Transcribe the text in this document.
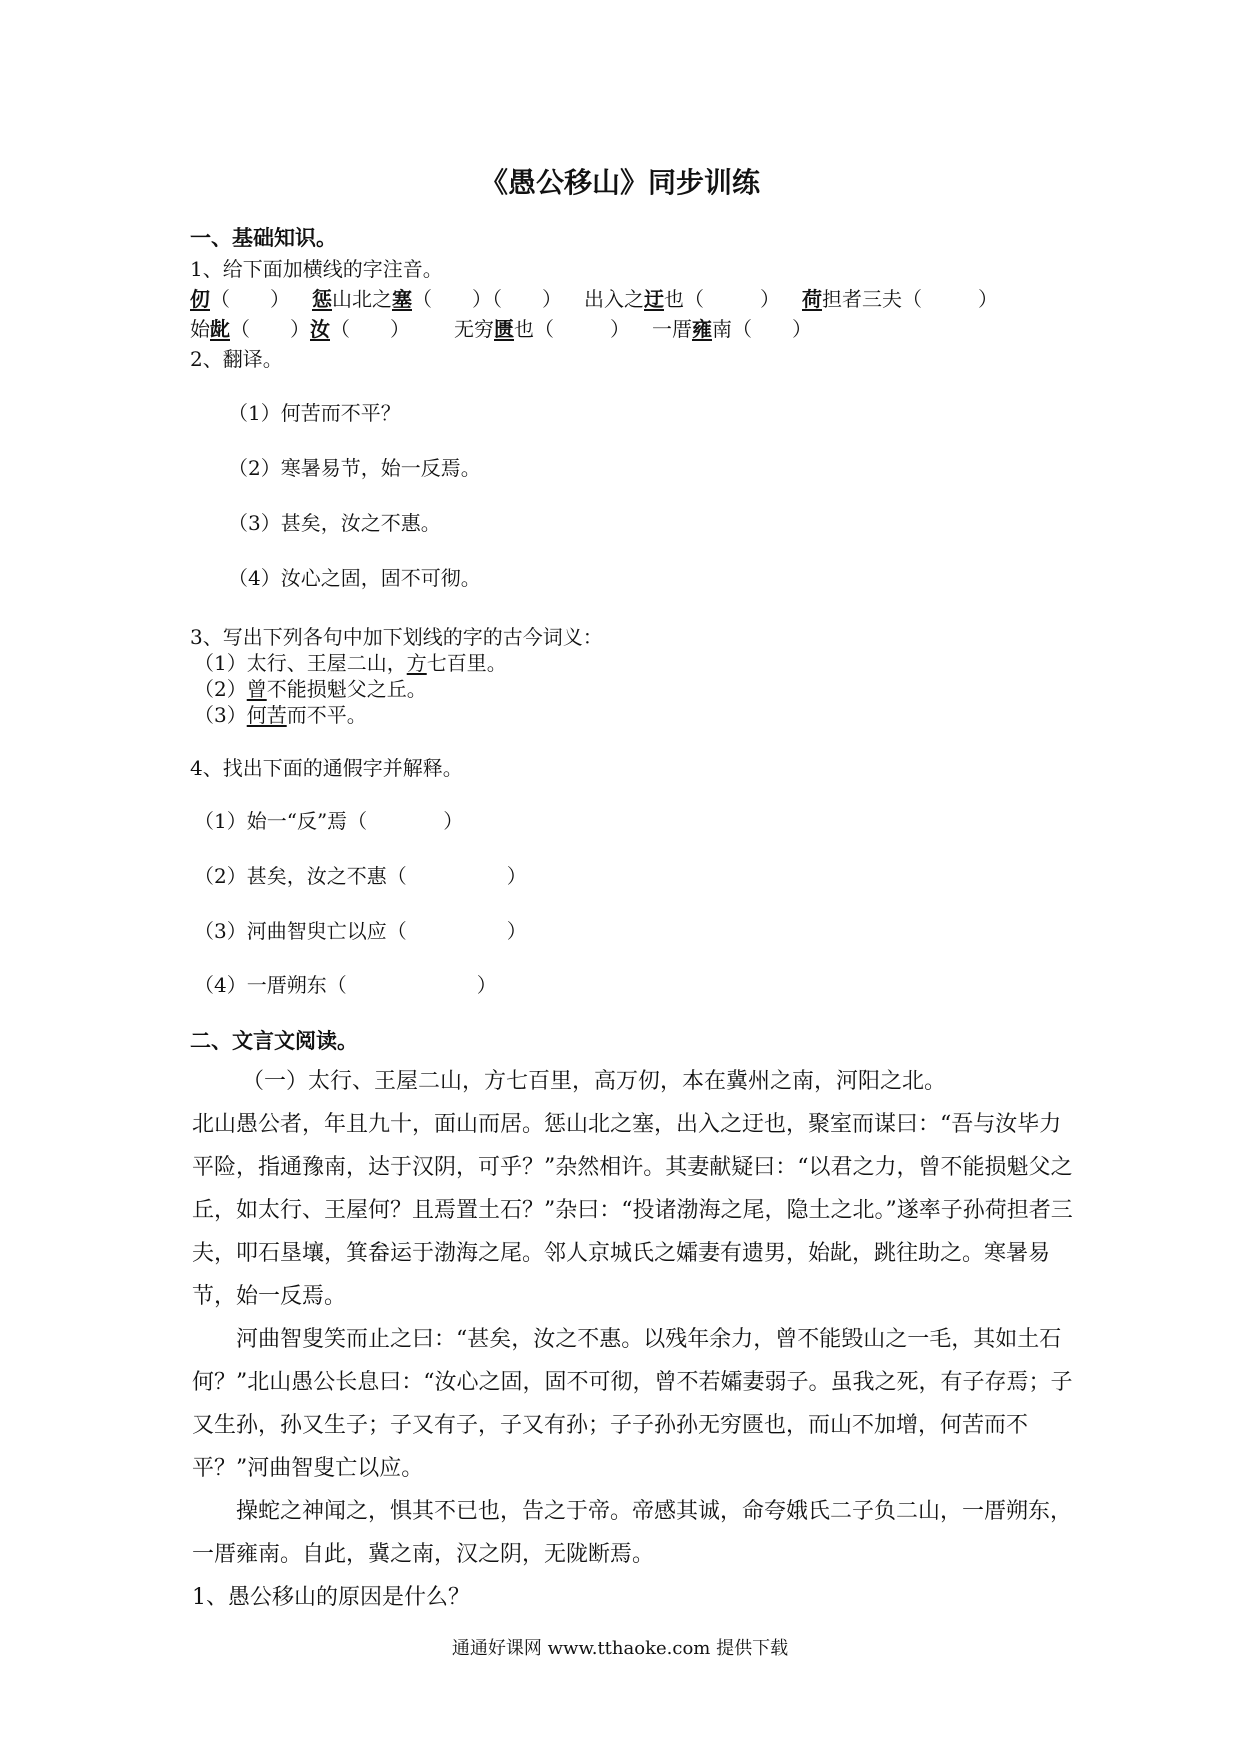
《愚公移山》同步训练
一、基础知识。
1、给下面加横线的字注音。
仞（ ） 惩山北之塞（ ）（ ） 出入之迂也（	） 荷担者三夫（	）
始龀（ ）汝（ ） 无穷匮也（	） 一厝雍南（ ）
2、翻译。
（1）何苦而不平？
（2）寒暑易节，始一反焉。
（3）甚矣，汝之不惠。
（4）汝心之固，固不可彻。
3、写出下列各句中加下划线的字的古今词义：
（1）太行、王屋二山，方七百里。
（2）曾不能损魁父之丘。
（3）何苦而不平。
4、找出下面的通假字并解释。
（1）始一“反”焉（	）
（2）甚矣，汝之不惠（	）
（3）河曲智臾亡以应（	）
（4）一厝朔东（	）
二、文言文阅读。

（一）太行、王屋二山，方七百里，高万仞，本在冀州之南，河阳之北。

北山愚公者，年且九十，面山而居。惩山北之塞，出入之迂也，聚室而谋曰：“吾与汝毕力平险，指通豫南，达于汉阴，可乎？”杂然相许。其妻献疑曰：“以君之力，曾不能损魁父之丘，如太行、王屋何？且焉置土石？”杂曰：“投诸渤海之尾，隐土之北。”遂率子孙荷担者三夫，叩石垦壤，箕畚运于渤海之尾。邻人京城氏之孀妻有遗男，始龀，跳往助之。寒暑易节，始一反焉。

河曲智叟笑而止之曰：“甚矣，汝之不惠。以残年余力，曾不能毁山之一毛，其如土石何？”北山愚公长息曰：“汝心之固，固不可彻，曾不若孀妻弱子。虽我之死，有子存焉；子又生孙，孙又生子；子又有子，子又有孙；子子孙孙无穷匮也，而山不加增，何苦而不平？”河曲智叟亡以应。

操蛇之神闻之，惧其不已也，告之于帝。帝感其诚，命夸娥氏二子负二山，一厝朔东，一厝雍南。自此，冀之南，汉之阴，无陇断焉。

1、愚公移山的原因是什么？

通通好课网 www.tthaoke.com 提供下载
